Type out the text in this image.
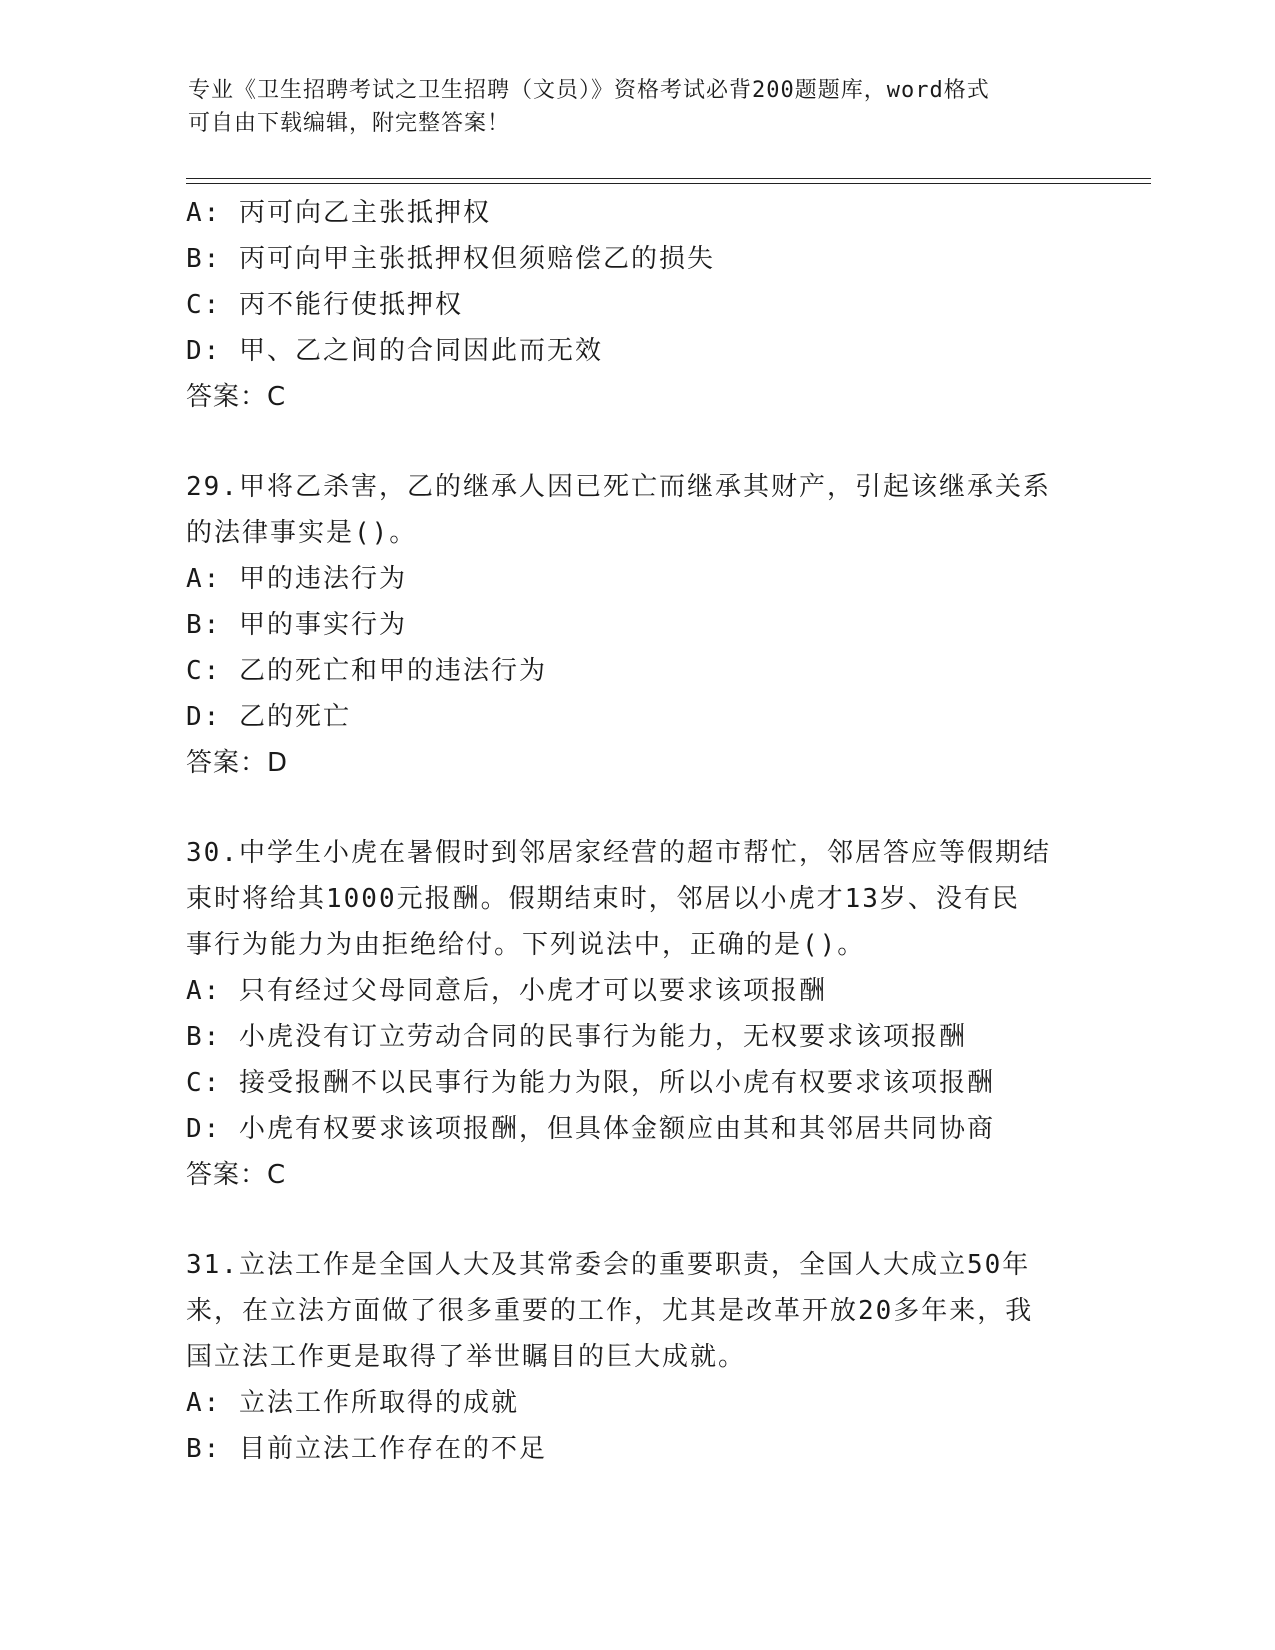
专业《卫生招聘考试之卫生招聘（文员）》资格考试必背200题题库，word格式
可自由下载编辑，附完整答案！
A: 丙可向乙主张抵押权
B: 丙可向甲主张抵押权但须赔偿乙的损失
C: 丙不能行使抵押权
D: 甲、乙之间的合同因此而无效
答案：C
29.甲将乙杀害，乙的继承人因已死亡而继承其财产，引起该继承关系
的法律事实是()。
A: 甲的违法行为
B: 甲的事实行为
C: 乙的死亡和甲的违法行为
D: 乙的死亡
答案：D
30.中学生小虎在暑假时到邻居家经营的超市帮忙，邻居答应等假期结
束时将给其1000元报酬。假期结束时，邻居以小虎才13岁、没有民
事行为能力为由拒绝给付。下列说法中，正确的是()。
A: 只有经过父母同意后，小虎才可以要求该项报酬
B: 小虎没有订立劳动合同的民事行为能力，无权要求该项报酬
C: 接受报酬不以民事行为能力为限，所以小虎有权要求该项报酬
D: 小虎有权要求该项报酬，但具体金额应由其和其邻居共同协商
答案：C
31.立法工作是全国人大及其常委会的重要职责，全国人大成立50年
来，在立法方面做了很多重要的工作，尤其是改革开放20多年来，我
国立法工作更是取得了举世瞩目的巨大成就。
A: 立法工作所取得的成就
B: 目前立法工作存在的不足
